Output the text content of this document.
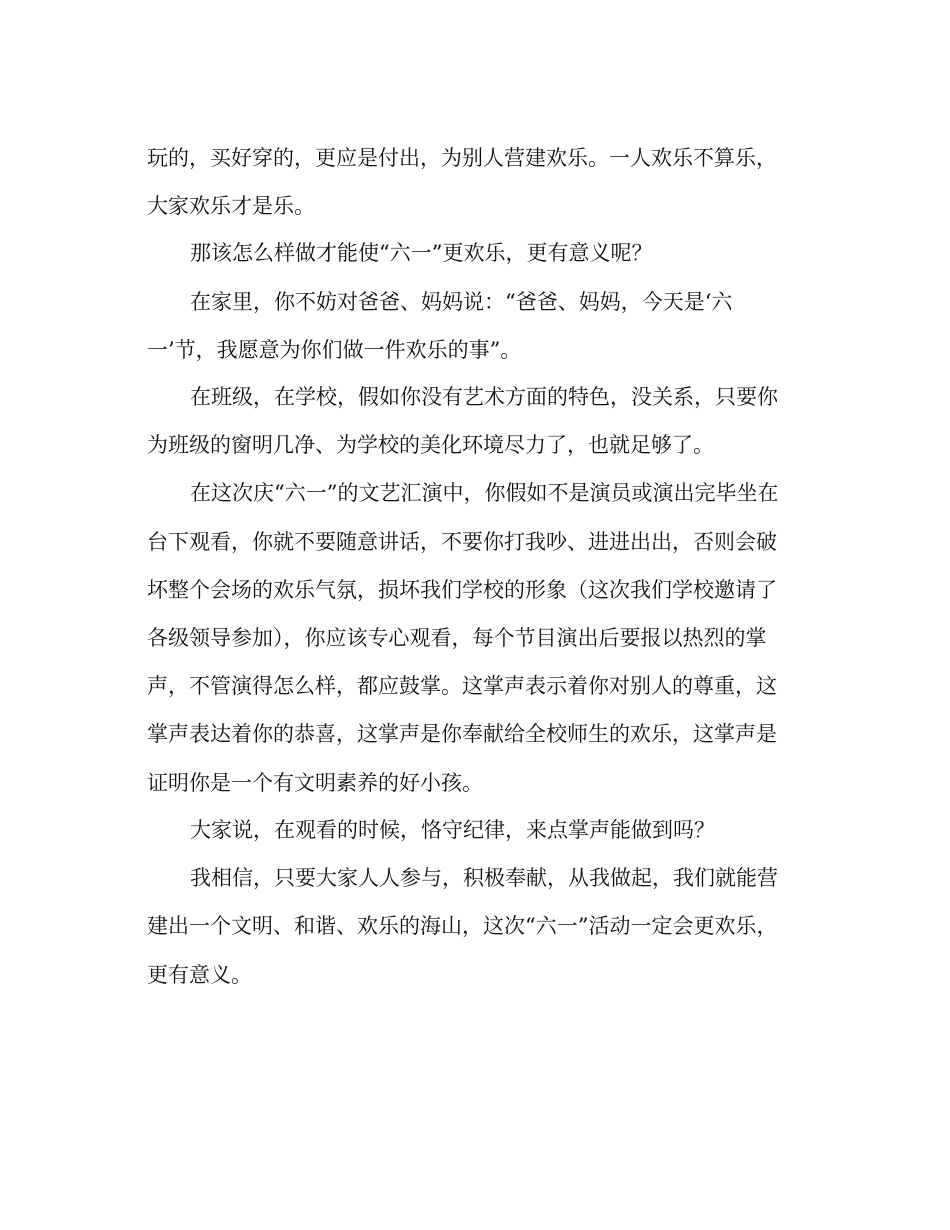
玩的，买好穿的，更应是付出，为别人营建欢乐。一人欢乐不算乐，

大家欢乐才是乐。

那该怎么样做才能使“六一”更欢乐，更有意义呢？

在家里，你不妨对爸爸、妈妈说：“爸爸、妈妈，今天是‘六

一’节，我愿意为你们做一件欢乐的事”。

在班级，在学校，假如你没有艺术方面的特色，没关系，只要你

为班级的窗明几净、为学校的美化环境尽力了，也就足够了。

在这次庆“六一”的文艺汇演中，你假如不是演员或演出完毕坐在

台下观看，你就不要随意讲话，不要你打我吵、进进出出，否则会破

坏整个会场的欢乐气氛，损坏我们学校的形象（这次我们学校邀请了

各级领导参加），你应该专心观看，每个节目演出后要报以热烈的掌

声，不管演得怎么样，都应鼓掌。这掌声表示着你对别人的尊重，这

掌声表达着你的恭喜，这掌声是你奉献给全校师生的欢乐，这掌声是

证明你是一个有文明素养的好小孩。

大家说，在观看的时候，恪守纪律，来点掌声能做到吗？

我相信，只要大家人人参与，积极奉献，从我做起，我们就能营

建出一个文明、和谐、欢乐的海山，这次“六一”活动一定会更欢乐，

更有意义。
